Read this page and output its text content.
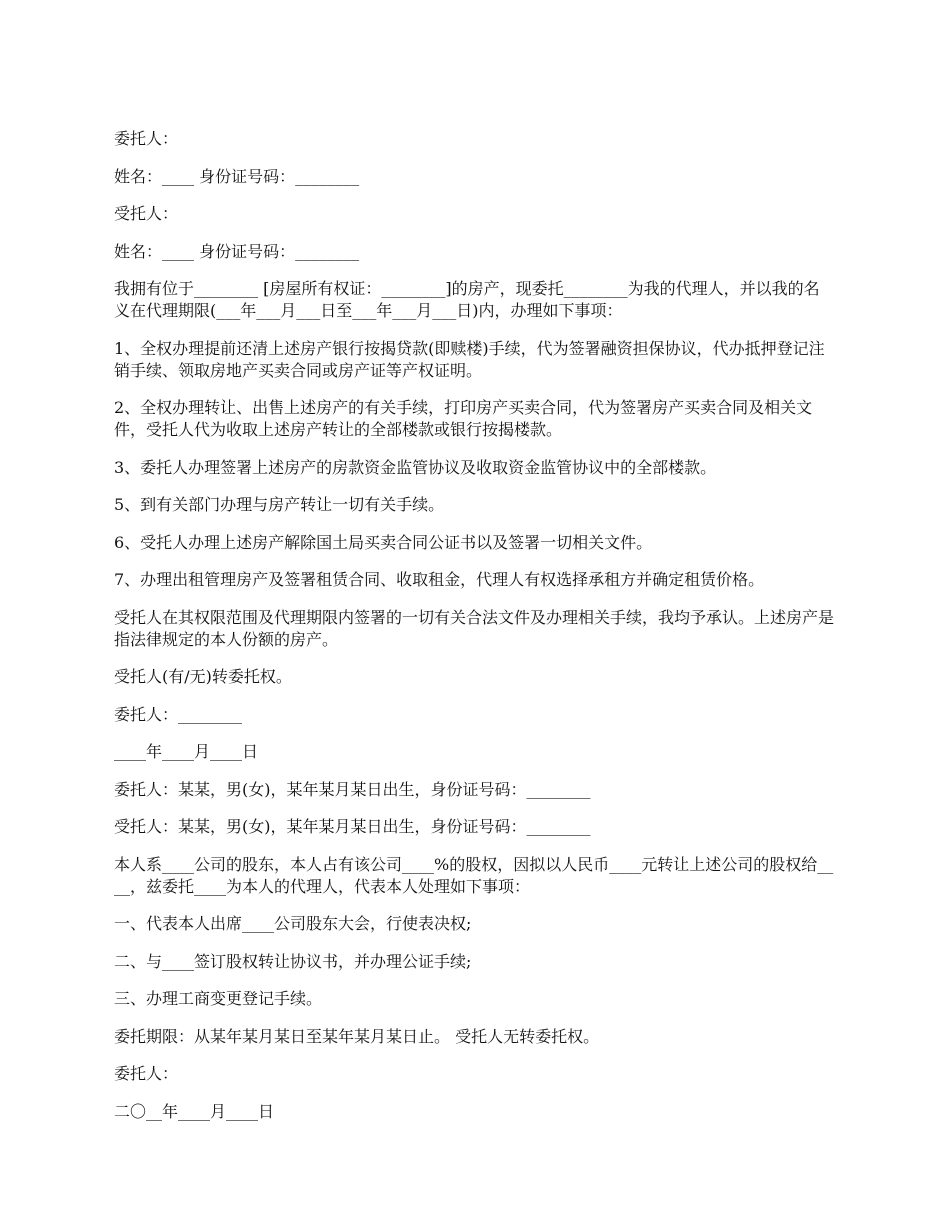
委托人：

姓名：____ 身份证号码：________

受托人：

姓名：____ 身份证号码：________

我拥有位于________ [房屋所有权证：________]的房产，现委托________为我的代理人，并以我的名义在代理期限(___年___月___日至___年___月___日)内，办理如下事项：

1、全权办理提前还清上述房产银行按揭贷款(即赎楼)手续，代为签署融资担保协议，代办抵押登记注销手续、领取房地产买卖合同或房产证等产权证明。

2、全权办理转让、出售上述房产的有关手续，打印房产买卖合同，代为签署房产买卖合同及相关文件，受托人代为收取上述房产转让的全部楼款或银行按揭楼款。

3、委托人办理签署上述房产的房款资金监管协议及收取资金监管协议中的全部楼款。

5、到有关部门办理与房产转让一切有关手续。

6、受托人办理上述房产解除国土局买卖合同公证书以及签署一切相关文件。

7、办理出租管理房产及签署租赁合同、收取租金，代理人有权选择承租方并确定租赁价格。

受托人在其权限范围及代理期限内签署的一切有关合法文件及办理相关手续，我均予承认。上述房产是指法律规定的本人份额的房产。

受托人(有/无)转委托权。

委托人：________

____年____月____日

委托人：某某，男(女)，某年某月某日出生，身份证号码：________

受托人：某某，男(女)，某年某月某日出生，身份证号码：________

本人系____公司的股东，本人占有该公司____%的股权，因拟以人民币____元转让上述公司的股权给____，兹委托____为本人的代理人，代表本人处理如下事项：

一、代表本人出席____公司股东大会，行使表决权;

二、与____签订股权转让协议书，并办理公证手续;

三、办理工商变更登记手续。

委托期限：从某年某月某日至某年某月某日止。 受托人无转委托权。

委托人：

二〇__年____月____日
